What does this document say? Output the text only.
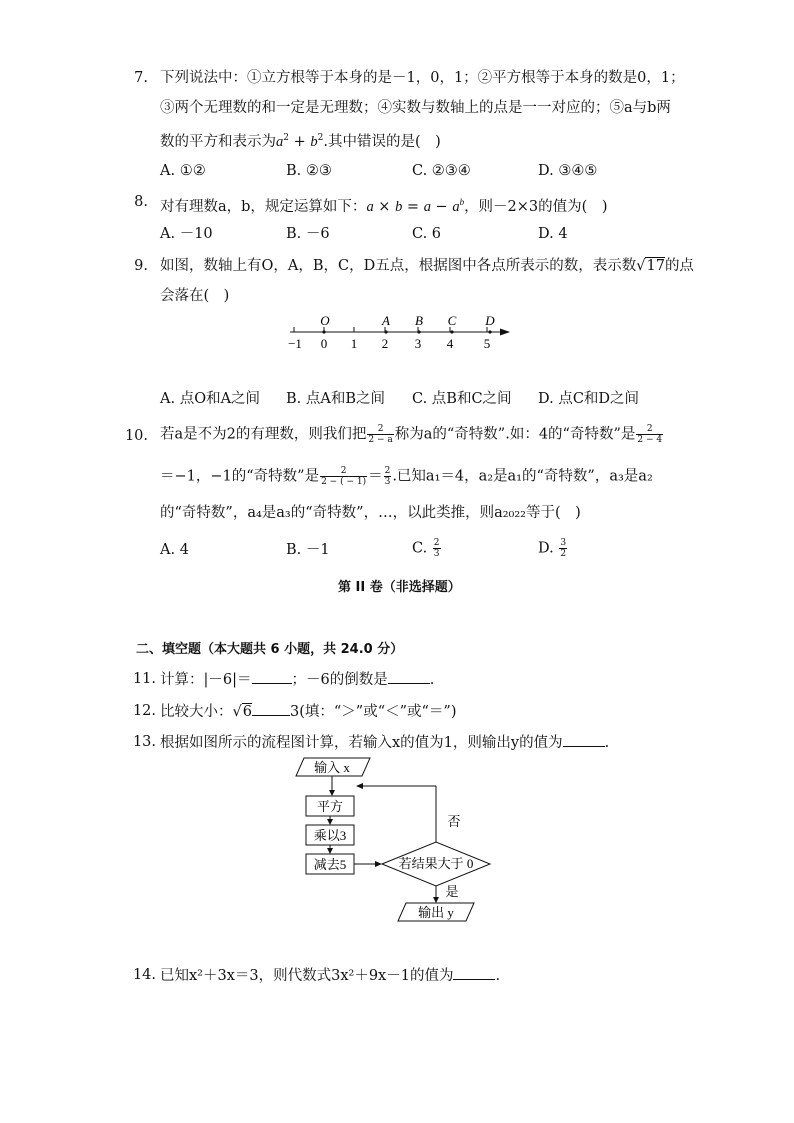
7. 下列说法中：①立方根等于本身的是－1，0，1；②平方根等于本身的数是0，1；
③两个无理数的和一定是无理数；④实数与数轴上的点是一一对应的；⑤a与b两
数的平方和表示为$a^2 + b^2$.其中错误的是(　)
A. ①②	B. ②③	C. ②③④	D. ③④⑤
8. 对有理数a，b，规定运算如下：$a \times b = a - a^b$，则－2×3的值为(　)
A. －10	B. －6	C. 6	D. 4
9. 如图，数轴上有O，A，B，C，D五点，根据图中各点所表示的数，表示数√17的点
会落在(　)
O	A B C D
−1 0 1 2 3 4 5
A. 点O和A之间 B. 点A和B之间 C. 点B和C之间 D. 点C和D之间
10. 若a是不为2的有理数，则我们把 $\frac{2}{2 - a}$ 称为a的“奇特数”.如：4的“奇特数”是 $\frac{2}{2 - 4}$
＝−1，−1的“奇特数”是 $\frac{2}{2 - ( - 1)} = \frac{2}{3}$ .已知a₁＝4，a₂是a₁的“奇特数”，a₃是a₂
的“奇特数”，a₄是a₃的“奇特数”，…，以此类推，则a₂₀₂₂等于(　)
A. 4	B. －1	C. $\frac{2}{3}$	D. $\frac{3}{2}$
第 II 卷（非选择题）
二、填空题（本大题共 6 小题，共 24.0 分）
11. 计算：|－6|＝	；－6的倒数是	.
12. 比较大小：√6	3(填：“＞”或“＜”或“＝”)
13. 根据如图所示的流程图计算，若输入x的值为1，则输出y的值为	.
输入 x
平方
乘以3
减去5	若结果大于 0
否
是
输出 y
14. 已知x²＋3x＝3，则代数式3x²＋9x－1的值为	.
